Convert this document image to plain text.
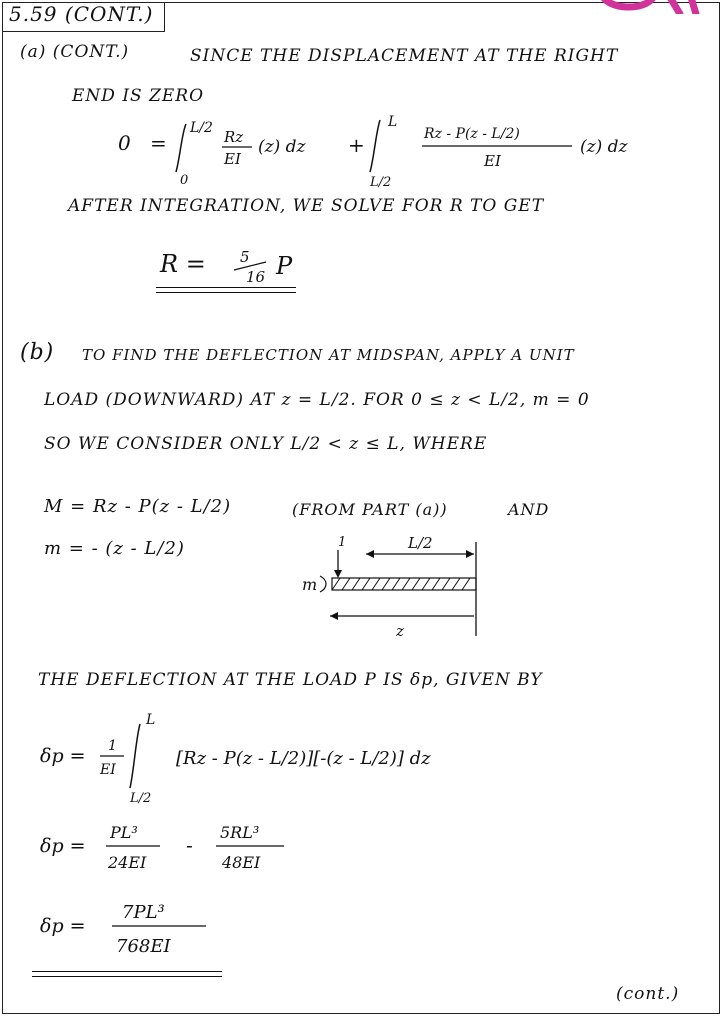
5.59 (CONT.)
(a) (CONT.)	SINCE THE DISPLACEMENT AT THE RIGHT
END IS ZERO
0 =
L/2
0
Rz
EI
(z) dz +
L
L/2
Rz - P(z - L/2)
EI
(z) dz
AFTER INTEGRATION, WE SOLVE FOR R TO GET
R = 5
16 P
(b) TO FIND THE DEFLECTION AT MIDSPAN, APPLY A UNIT
LOAD (DOWNWARD) AT z = L/2. FOR 0 ≤ z < L/2, m = 0
SO WE CONSIDER ONLY L/2 < z ≤ L, WHERE
M = Rz - P(z - L/2)	(FROM PART (a))	AND
m = - (z - L/2)	1	L/2
m
z
THE DEFLECTION AT THE LOAD P IS δp, GIVEN BY
δp = 1
EI
L
L/2
[Rz - P(z - L/2)][-(z - L/2)] dz
δp =
PL³
24EI
-
5RL³
48EI
δp =
7PL³
768EI
(cont.)
